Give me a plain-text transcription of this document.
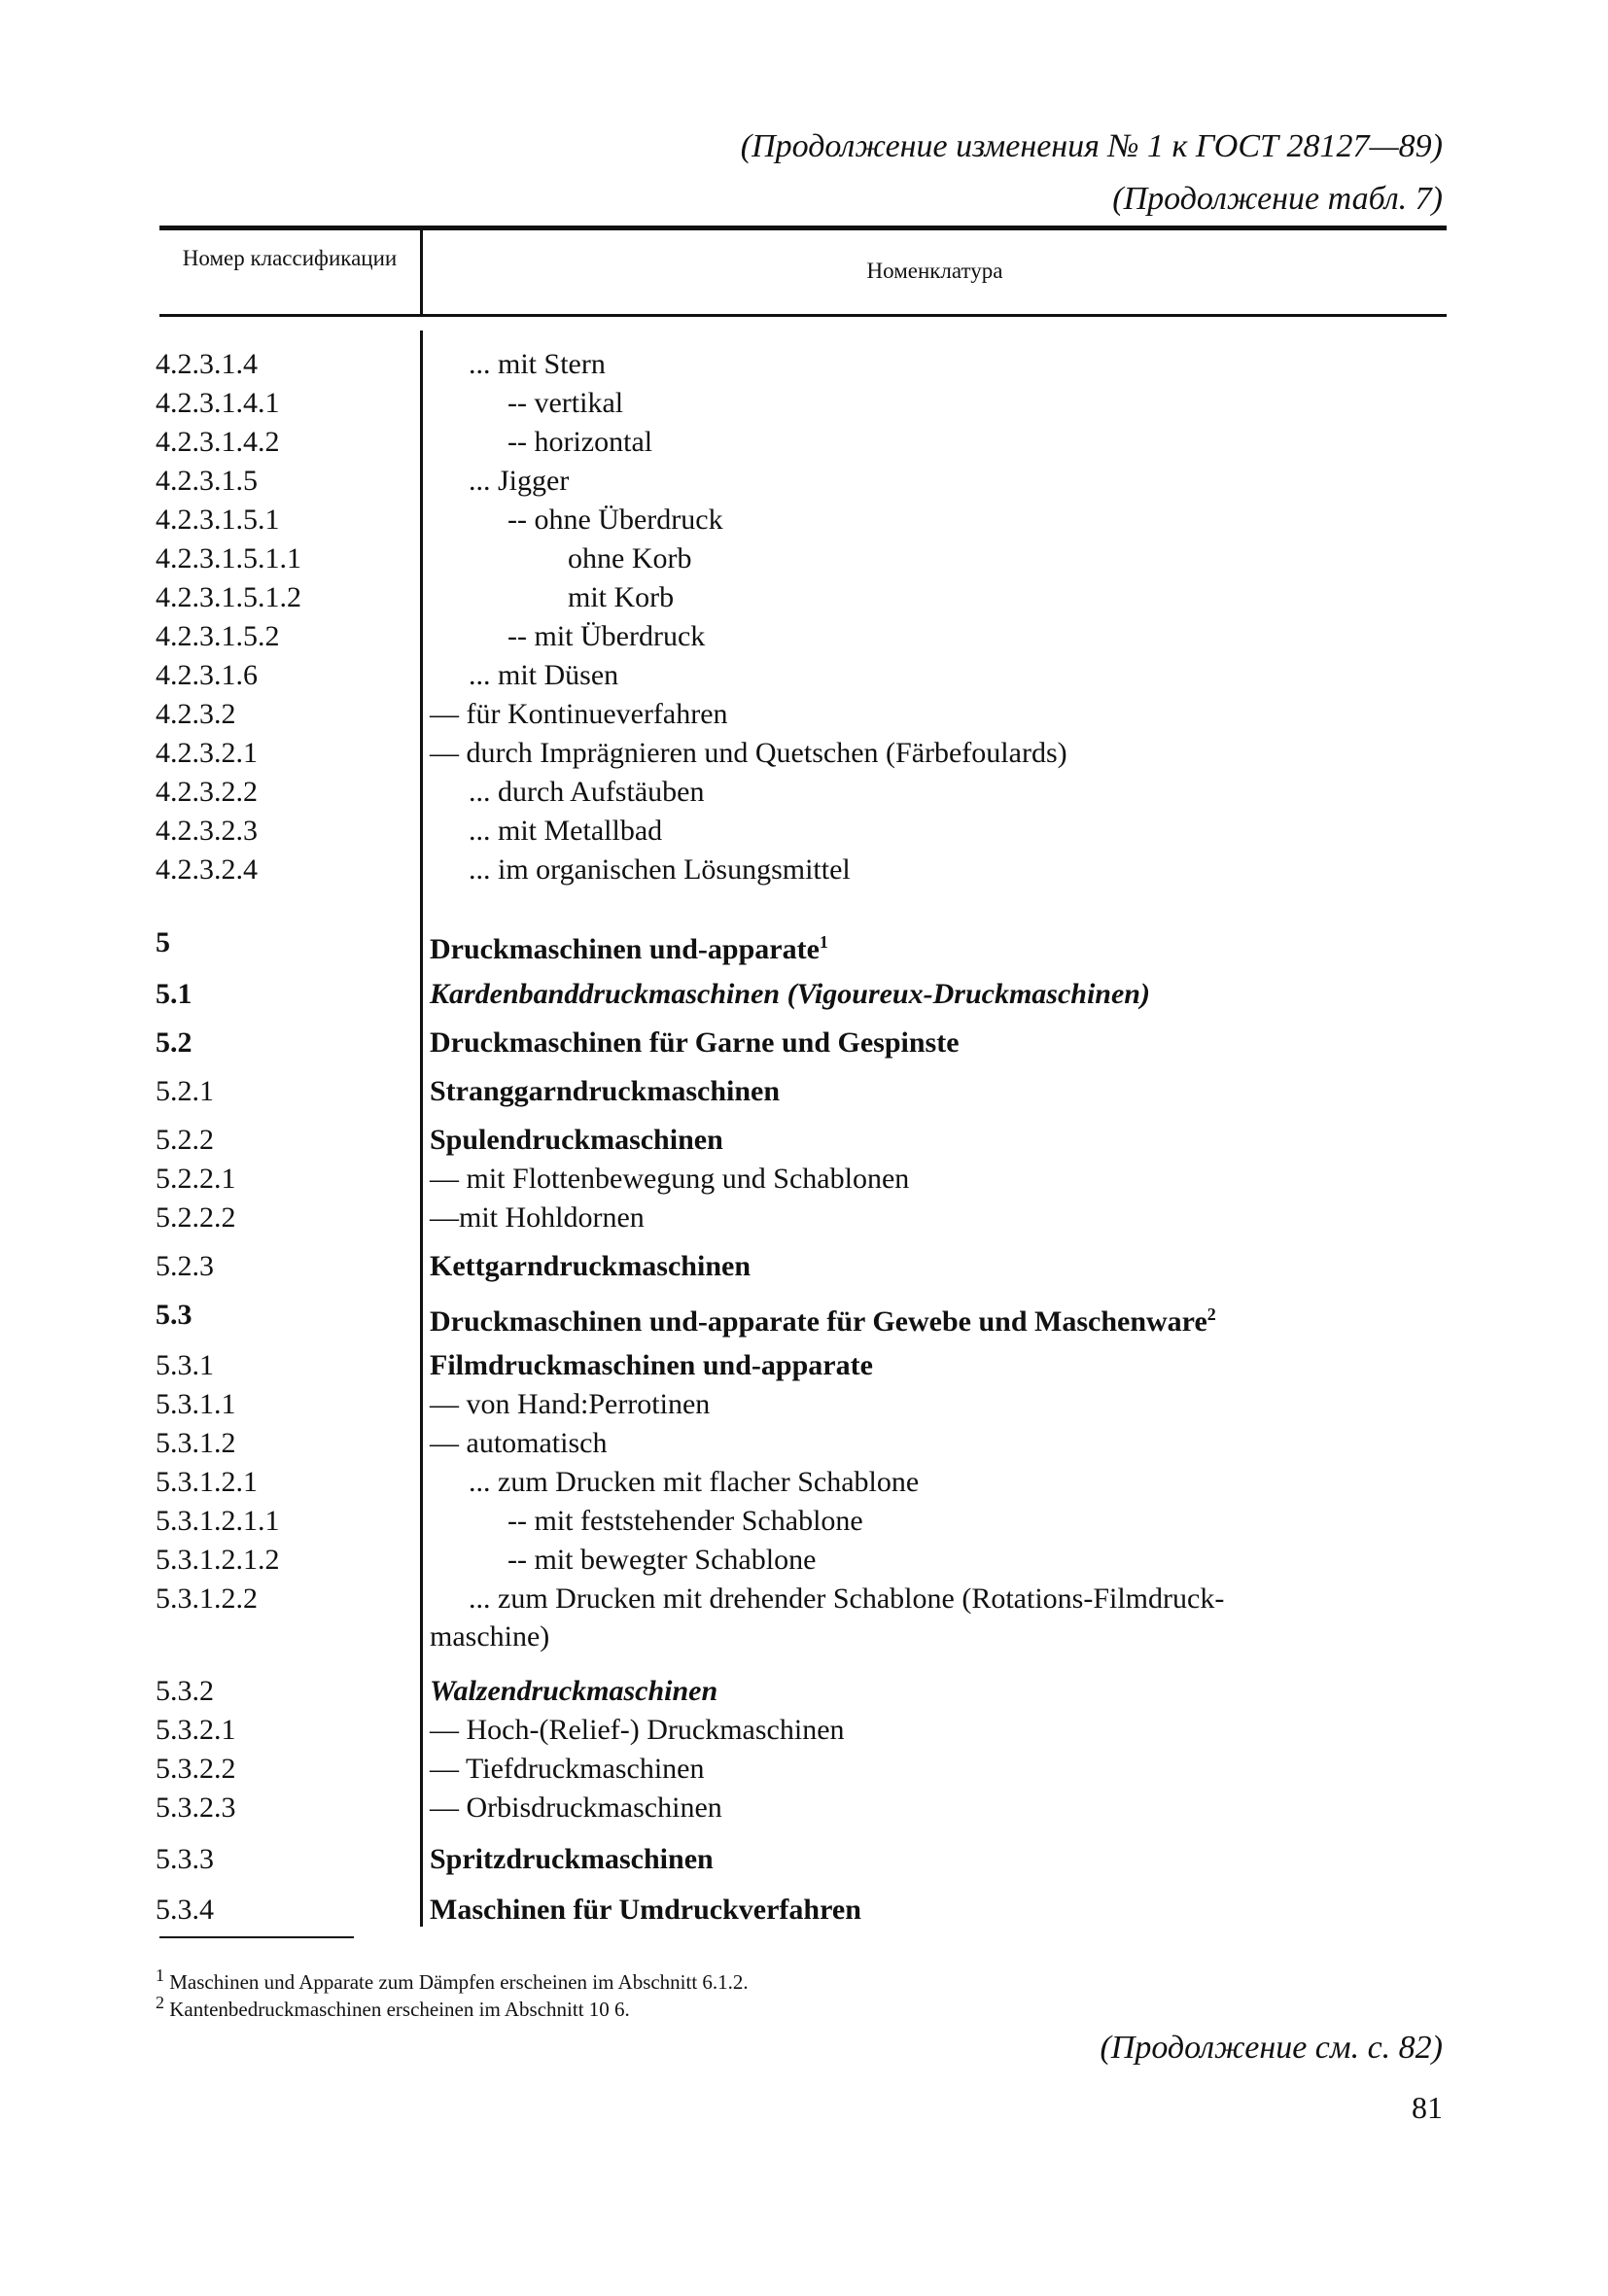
(Продолжение изменения № 1 к ГОСТ 28127—89)
(Продолжение табл. 7)
Номер классификации
Номенклатура
4.2.3.1.4	... mit Stern
4.2.3.1.4.1	-- vertikal
4.2.3.1.4.2	-- horizontal
4.2.3.1.5	... Jigger
4.2.3.1.5.1	-- ohne Überdruck
4.2.3.1.5.1.1	ohne Korb
4.2.3.1.5.1.2	mit Korb
4.2.3.1.5.2	-- mit Überdruck
4.2.3.1.6	... mit Düsen
4.2.3.2	— für Kontinueverfahren
4.2.3.2.1	— durch Imprägnieren und Quetschen (Färbefoulards)
4.2.3.2.2	... durch Aufstäuben
4.2.3.2.3	... mit Metallbad
4.2.3.2.4	... im organischen Lösungsmittel
5	Druckmaschinen und-apparate$^1$
5.1	Kardenbanddruckmaschinen (Vigoureux-Druckmaschinen)
5.2	Druckmaschinen für Garne und Gespinste
5.2.1	Stranggarndruckmaschinen
5.2.2	Spulendruckmaschinen
5.2.2.1	— mit Flottenbewegung und Schablonen
5.2.2.2	—mit Hohldornen
5.2.3	Kettgarndruckmaschinen
5.3	Druckmaschinen und-apparate für Gewebe und Maschenware$^2$
5.3.1	Filmdruckmaschinen und-apparate
5.3.1.1	— von Hand:Perrotinen
5.3.1.2	— automatisch
5.3.1.2.1	... zum Drucken mit flacher Schablone
5.3.1.2.1.1	-- mit feststehender Schablone
5.3.1.2.1.2	-- mit bewegter Schablone
5.3.1.2.2	... zum Drucken mit drehender Schablone (Rotations-Filmdruck-
maschine)
5.3.2	Walzendruckmaschinen
5.3.2.1	— Hoch-(Relief-) Druckmaschinen
5.3.2.2	— Tiefdruckmaschinen
5.3.2.3	— Orbisdruckmaschinen
5.3.3	Spritzdruckmaschinen
5.3.4	Maschinen für Umdruckverfahren
$^1$ Maschinen und Apparate zum Dämpfen erscheinen im Abschnitt 6.1.2.
$^2$ Kantenbedruckmaschinen erscheinen im Abschnitt 10 6.
(Продолжение см. с. 82)
81
